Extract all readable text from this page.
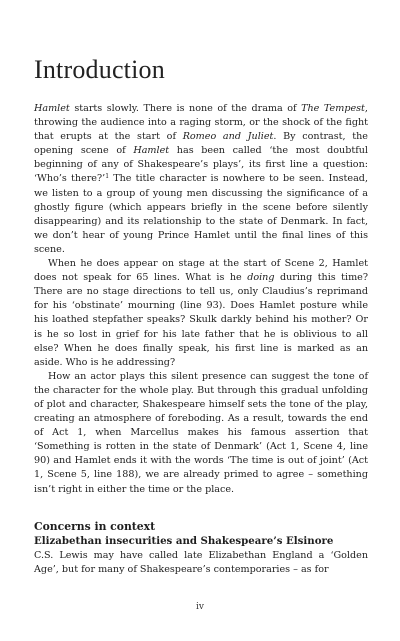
Introduction

Hamlet starts slowly. There is none of the drama of The Tempest, throwing the audience into a raging storm, or the shock of the fight that erupts at the start of Romeo and Juliet. By contrast, the opening scene of Hamlet has been called ‘the most doubtful beginning of any of Shakespeare’s plays’, its first line a question: ‘Who’s there?’$^1$ The title character is nowhere to be seen. Instead, we listen to a group of young men discussing the significance of a ghostly figure (which appears briefly in the scene before silently disappearing) and its relationship to the state of Denmark. In fact, we don’t hear of young Prince Hamlet until the final lines of this scene.

When he does appear on stage at the start of Scene 2, Hamlet does not speak for 65 lines. What is he doing during this time? There are no stage directions to tell us, only Claudius’s reprimand for his ‘obstinate’ mourning (line 93). Does Hamlet posture while his loathed stepfather speaks? Skulk darkly behind his mother? Or is he so lost in grief for his late father that he is oblivious to all else? When he does finally speak, his first line is marked as an aside. Who is he addressing?

How an actor plays this silent presence can suggest the tone of the character for the whole play. But through this gradual unfolding of plot and character, Shakespeare himself sets the tone of the play, creating an atmosphere of foreboding. As a result, towards the end of Act 1, when Marcellus makes his famous assertion that ‘Something is rotten in the state of Denmark’ (Act 1, Scene 4, line 90) and Hamlet ends it with the words ‘The time is out of joint’ (Act 1, Scene 5, line 188), we are already primed to agree – something isn’t right in either the time or the place.

Concerns in context
Elizabethan insecurities and Shakespeare’s Elsinore

C.S. Lewis may have called late Elizabethan England a ‘Golden Age’, but for many of Shakespeare’s contemporaries – as for

iv
